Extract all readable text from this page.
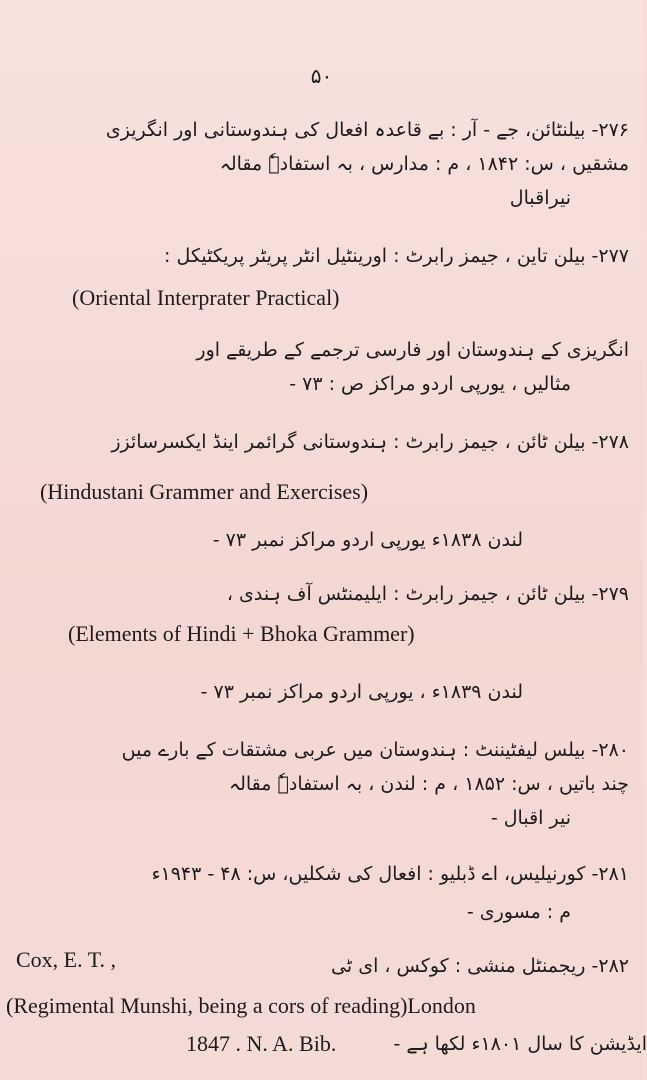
۵۰
۲۷۶- بیلنٹائن، جے - آر : بے قاعدہ افعال کی ہندوستانی اور انگریزی
مشقیں ، س: ۱۸۴۲ ، م : مدارس ، بہ استفادہٗ مقالہ
نیراقبال
۲۷۷- بیلن تاین ، جیمز رابرٹ : اورینٹیل انٹر پریٹر پریکٹیکل :
(Oriental Interprater Practical)
انگریزی کے ہندوستان اور فارسی ترجمے کے طریقے اور
مثالیں ، یورپی اردو مراکز ص : ۷۳ -
۲۷۸- بیلن ٹائن ، جیمز رابرٹ : ہندوستانی گرائمر اینڈ ایکسرسائزز
(Hindustani Grammer and Exercises)
لندن ۱۸۳۸ء یورپی اردو مراکز نمبر ۷۳ -
۲۷۹- بیلن ٹائن ، جیمز رابرٹ : ایلیمنٹس آف ہندی ،
(Elements of Hindi + Bhoka Grammer)
لندن ۱۸۳۹ء ، یورپی اردو مراکز نمبر ۷۳ -
۲۸۰- بیلس لیفٹیننٹ : ہندوستان میں عربی مشتقات کے بارے میں
چند باتیں ، س: ۱۸۵۲ ، م : لندن ، بہ استفادہٗ مقالہ
نیر اقبال -
۲۸۱- کورنیلیس، اے ڈبلیو : افعال کی شکلیں، س: ۴۸ - ۱۹۴۳ء
م : مسوری -
Cox, E. T. ,	۲۸۲- ریجمنٹل منشی : کوکس ، ای ٹی
(Regimental Munshi, being a cors of reading)London
1847 . N. A. Bib.	ایڈیشن کا سال ۱۸۰۱ء لکھا ہے -
